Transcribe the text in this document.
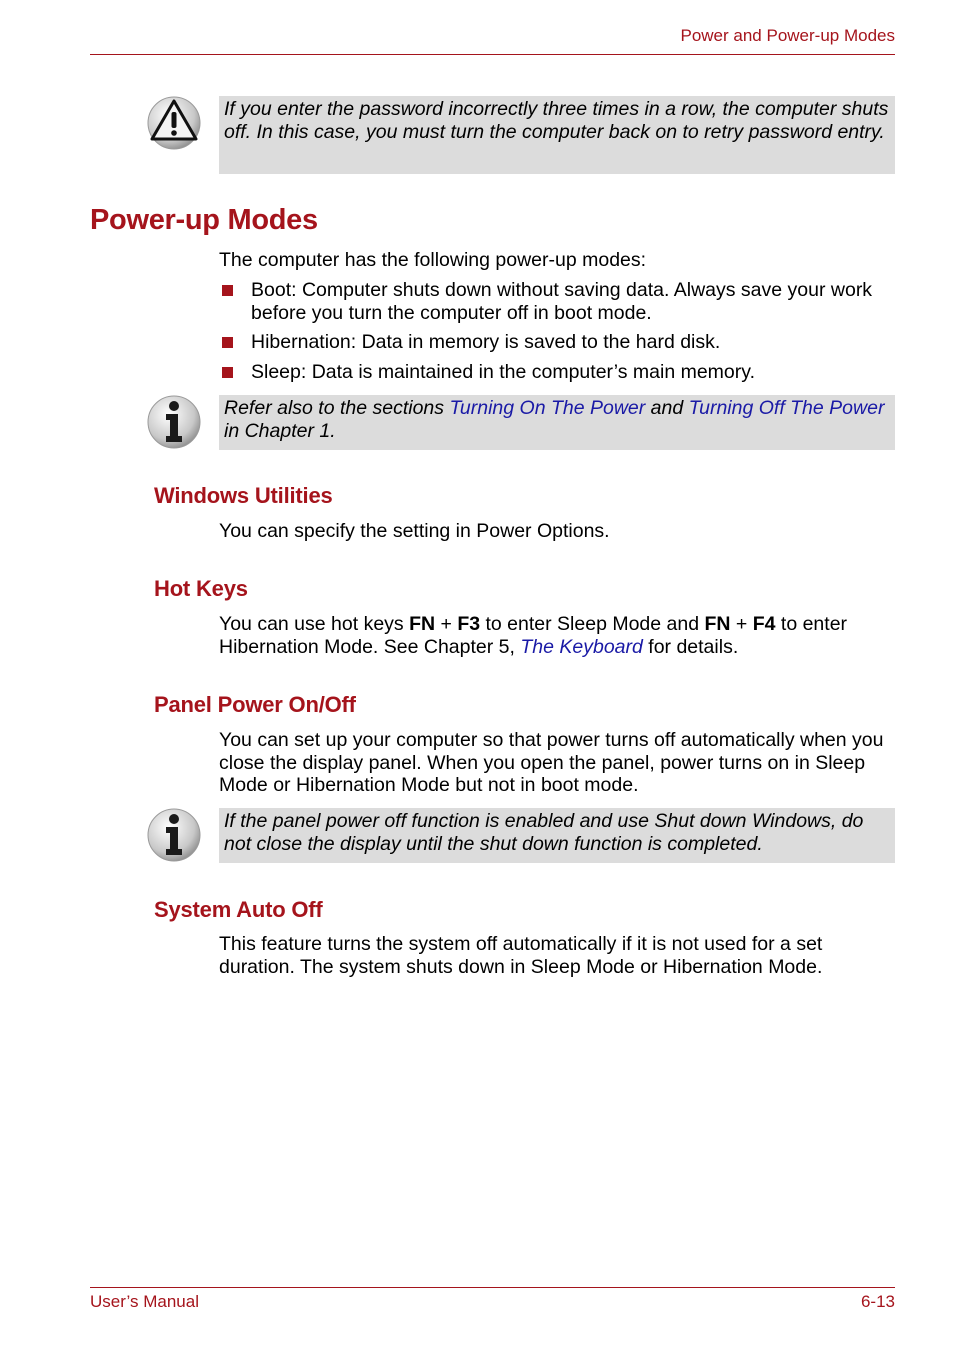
Power and Power-up Modes
If you enter the password incorrectly three times in a row, the computer shuts off. In this case, you must turn the computer back on to retry password entry.
Power-up Modes
The computer has the following power-up modes:
Boot: Computer shuts down without saving data. Always save your work before you turn the computer off in boot mode.
Hibernation: Data in memory is saved to the hard disk.
Sleep: Data is maintained in the computer’s main memory.
Refer also to the sections Turning On The Power and Turning Off The Power in Chapter 1.
Windows Utilities
You can specify the setting in Power Options.
Hot Keys
You can use hot keys FN + F3 to enter Sleep Mode and FN + F4 to enter Hibernation Mode. See Chapter 5, The Keyboard for details.
Panel Power On/Off
You can set up your computer so that power turns off automatically when you close the display panel. When you open the panel, power turns on in Sleep Mode or Hibernation Mode but not in boot mode.
If the panel power off function is enabled and use Shut down Windows, do not close the display until the shut down function is completed.
System Auto Off
This feature turns the system off automatically if it is not used for a set duration. The system shuts down in Sleep Mode or Hibernation Mode.
User’s Manual	6-13
